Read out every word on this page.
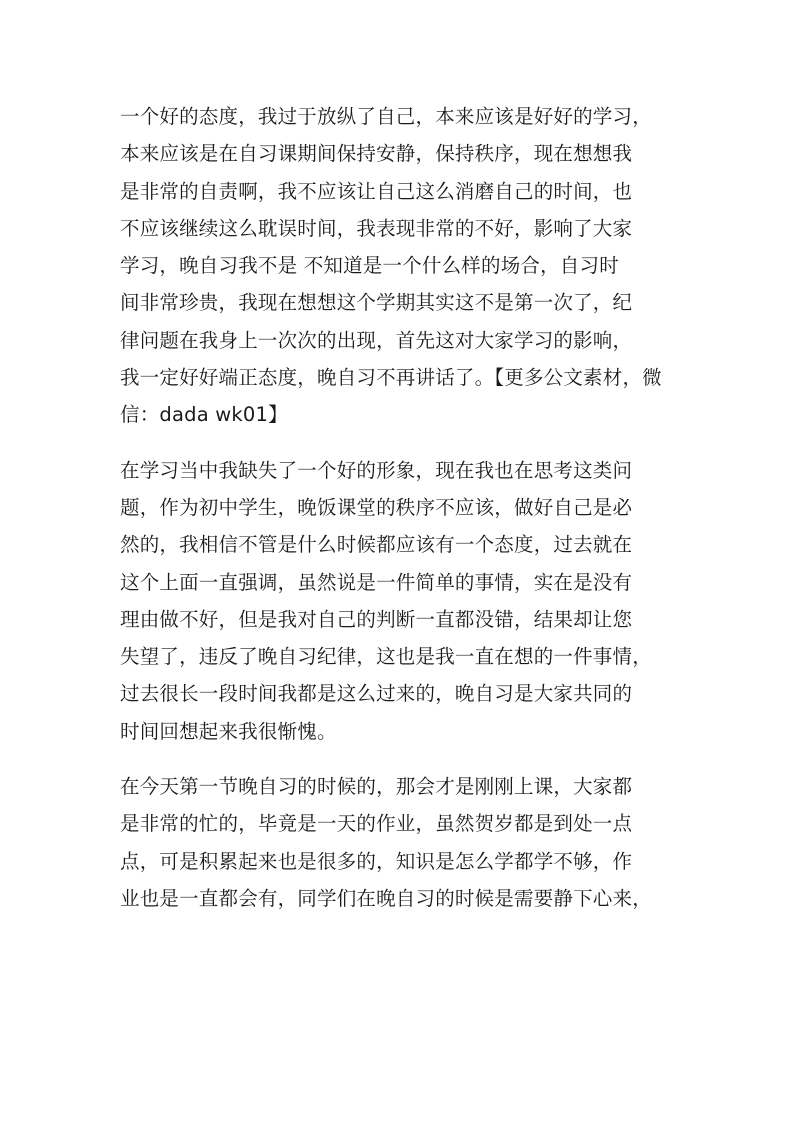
一个好的态度，我过于放纵了自己，本来应该是好好的学习，
本来应该是在自习课期间保持安静，保持秩序，现在想想我
是非常的自责啊，我不应该让自己这么消磨自己的时间，也
不应该继续这么耽误时间，我表现非常的不好，影响了大家
学习，晚自习我不是 不知道是一个什么样的场合，自习时
间非常珍贵，我现在想想这个学期其实这不是第一次了，纪
律问题在我身上一次次的出现，首先这对大家学习的影响，
我一定好好端正态度，晚自习不再讲话了。【更多公文素材，微
信：dada wk01】
在学习当中我缺失了一个好的形象，现在我也在思考这类问
题，作为初中学生，晚饭课堂的秩序不应该，做好自己是必
然的，我相信不管是什么时候都应该有一个态度，过去就在
这个上面一直强调，虽然说是一件简单的事情，实在是没有
理由做不好，但是我对自己的判断一直都没错，结果却让您
失望了，违反了晚自习纪律，这也是我一直在想的一件事情，
过去很长一段时间我都是这么过来的，晚自习是大家共同的
时间回想起来我很惭愧。
在今天第一节晚自习的时候的，那会才是刚刚上课，大家都
是非常的忙的，毕竟是一天的作业，虽然贺岁都是到处一点
点，可是积累起来也是很多的，知识是怎么学都学不够，作
业也是一直都会有，同学们在晚自习的时候是需要静下心来，
